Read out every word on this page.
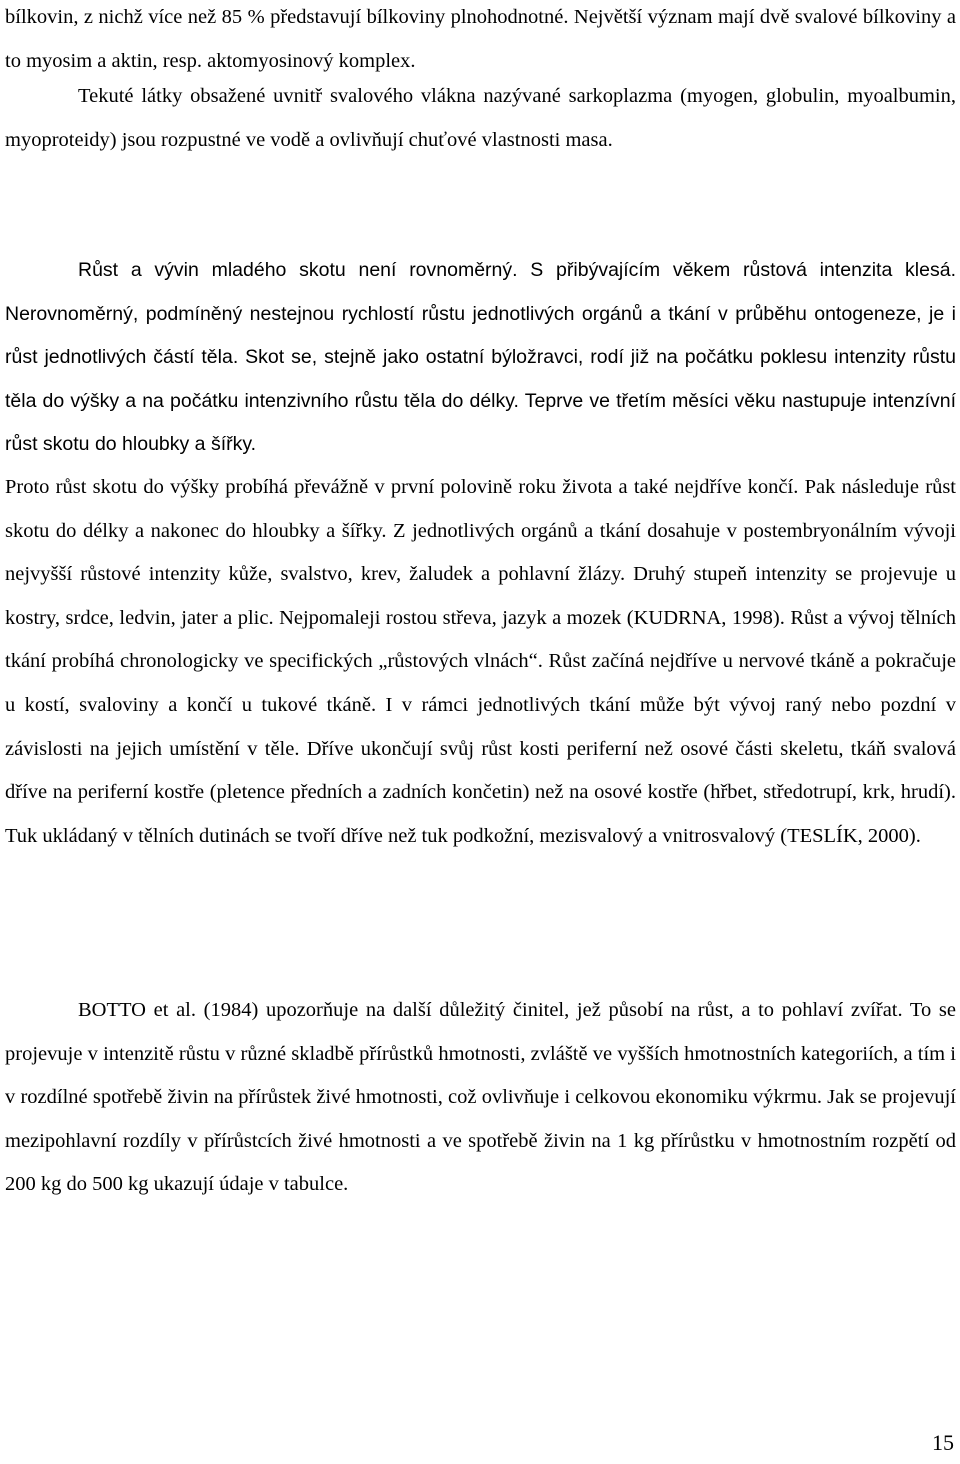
bílkovin, z nichž více než 85 % představují bílkoviny plnohodnotné. Největší význam mají dvě svalové bílkoviny a to myosim a aktin, resp. aktomyosinový komplex.

Tekuté látky obsažené uvnitř svalového vlákna nazývané sarkoplazma (myogen, globulin, myoalbumin, myoproteidy) jsou rozpustné ve vodě a ovlivňují chuťové vlastnosti masa.

Růst a vývin mladého skotu není rovnoměrný. S přibývajícím věkem růstová intenzita klesá. Nerovnoměrný, podmíněný nestejnou rychlostí růstu jednotlivých orgánů a tkání v průběhu ontogeneze, je i růst jednotlivých částí těla. Skot se, stejně jako ostatní býložravci, rodí již na počátku poklesu intenzity růstu těla do výšky a na počátku intenzivního růstu těla do délky. Teprve ve třetím měsíci věku nastupuje intenzívní růst skotu do hloubky a šířky.

Proto růst skotu do výšky probíhá převážně v první polovině roku života a také nejdříve končí. Pak následuje růst skotu do délky a nakonec do hloubky a šířky. Z jednotlivých orgánů a tkání dosahuje v postembryonálním vývoji nejvyšší růstové intenzity kůže, svalstvo, krev, žaludek a pohlavní žlázy. Druhý stupeň intenzity se projevuje u kostry, srdce, ledvin, jater a plic. Nejpomaleji rostou střeva, jazyk a mozek (KUDRNA, 1998). Růst a vývoj tělních tkání probíhá chronologicky ve specifických „růstových vlnách“. Růst začíná nejdříve u nervové tkáně a pokračuje u kostí, svaloviny a končí u tukové tkáně. I v rámci jednotlivých tkání může být vývoj raný nebo pozdní v závislosti na jejich umístění v těle. Dříve ukončují svůj růst kosti periferní než osové části skeletu, tkáň svalová dříve na periferní kostře (pletence předních a zadních končetin) než na osové kostře (hřbet, středotrupí, krk, hrudí). Tuk ukládaný v tělních dutinách se tvoří dříve než tuk podkožní, mezisvalový a vnitrosvalový (TESLÍK, 2000).

BOTTO et al. (1984) upozorňuje na další důležitý činitel, jež působí na růst, a to pohlaví zvířat. To se projevuje v intenzitě růstu v různé skladbě přírůstků hmotnosti, zvláště ve vyšších hmotnostních kategoriích, a tím i v rozdílné spotřebě živin na přírůstek živé hmotnosti, což ovlivňuje i celkovou ekonomiku výkrmu. Jak se projevují mezipohlavní rozdíly v přírůstcích živé hmotnosti a ve spotřebě živin na 1 kg přírůstku v hmotnostním rozpětí od 200 kg do 500 kg ukazují údaje v tabulce.

15
